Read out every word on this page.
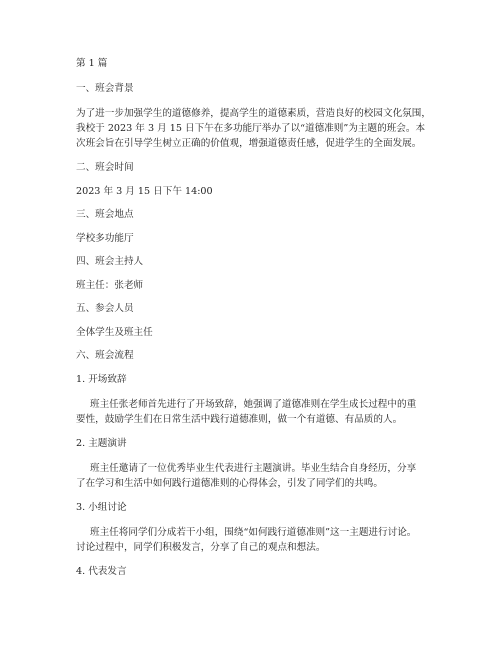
第 1 篇
一、班会背景
为了进一步加强学生的道德修养，提高学生的道德素质，营造良好的校园文化氛围，
我校于 2023 年 3 月 15 日下午在多功能厅举办了以“道德准则”为主题的班会。本
次班会旨在引导学生树立正确的价值观，增强道德责任感，促进学生的全面发展。
二、班会时间
2023 年 3 月 15 日下午 14:00
三、班会地点
学校多功能厅
四、班会主持人
班主任：张老师
五、参会人员
全体学生及班主任
六、班会流程
1. 开场致辞
班主任张老师首先进行了开场致辞，她强调了道德准则在学生成长过程中的重
要性，鼓励学生们在日常生活中践行道德准则，做一个有道德、有品质的人。
2. 主题演讲
班主任邀请了一位优秀毕业生代表进行主题演讲。毕业生结合自身经历，分享
了在学习和生活中如何践行道德准则的心得体会，引发了同学们的共鸣。
3. 小组讨论
班主任将同学们分成若干小组，围绕“如何践行道德准则”这一主题进行讨论。
讨论过程中，同学们积极发言，分享了自己的观点和想法。
4. 代表发言
